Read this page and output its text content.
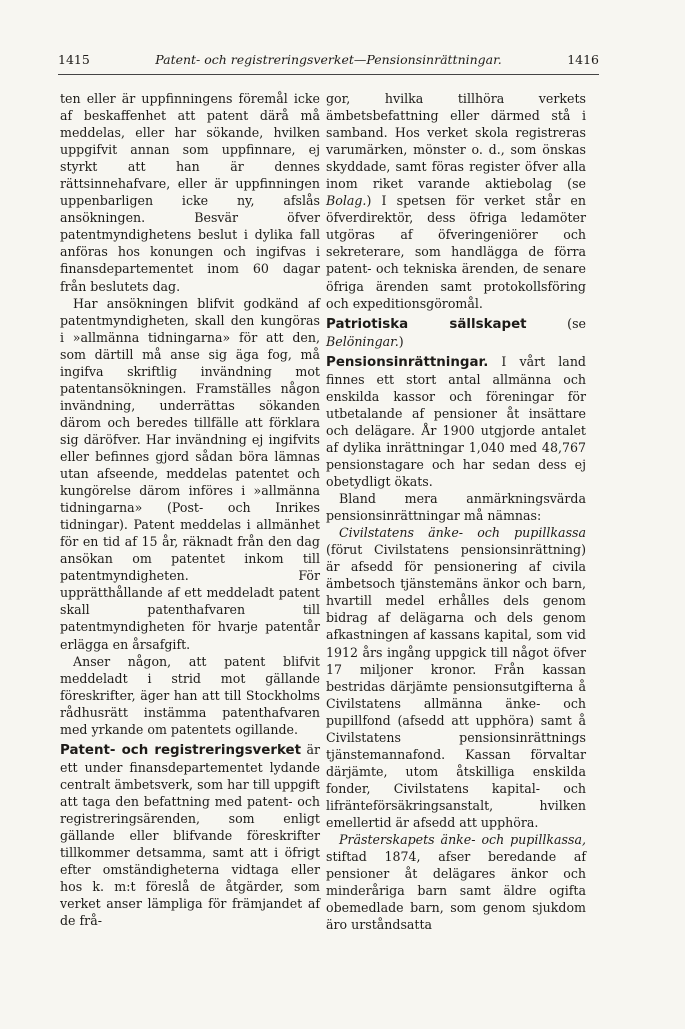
1415	Patent- och registreringsverket—Pensionsinrättningar.	1416

ten eller är uppfinningens föremål icke af beskaffenhet att patent därå må meddelas, eller har sökande, hvilken uppgifvit annan som uppfinnare, ej styrkt att han är dennes rättsinnehafvare, eller är uppfinningen uppenbarligen icke ny, afslås ansökningen. Besvär öfver patentmyndighetens beslut i dylika fall anföras hos konungen och ingifvas i finansdepartementet inom 60 dagar från beslutets dag.

Har ansökningen blifvit godkänd af patentmyndigheten, skall den kungöras i »allmänna tidningarna» för att den, som därtill må anse sig äga fog, må ingifva skriftlig invändning mot patentansökningen. Framställes någon invändning, underrättas sökanden därom och beredes tillfälle att förklara sig däröfver. Har invändning ej ingifvits eller befinnes gjord sådan böra lämnas utan afseende, meddelas patentet och kungörelse därom införes i »allmänna tidningarna» (Post- och Inrikes tidningar). Patent meddelas i allmänhet för en tid af 15 år, räknadt från den dag ansökan om patentet inkom till patentmyndigheten. För upprätthållande af ett meddeladt patent skall patenthafvaren till patentmyndigheten för hvarje patentår erlägga en årsafgift.

Anser någon, att patent blifvit meddeladt i strid mot gällande föreskrifter, äger han att till Stockholms rådhusrätt instämma patenthafvaren med yrkande om patentets ogillande.

Patent- och registreringsverket är ett under finansdepartementet lydande centralt ämbetsverk, som har till uppgift att taga den befattning med patent- och registreringsärenden, som enligt gällande eller blifvande föreskrifter tillkommer detsamma, samt att i öfrigt efter omständigheterna vidtaga eller hos k. m:t föreslå de åtgärder, som verket anser lämpliga för främjandet af de frå-

gor, hvilka tillhöra verkets ämbetsbefattning eller därmed stå i samband. Hos verket skola registreras varumärken, mönster o. d., som önskas skyddade, samt föras register öfver alla inom riket varande aktiebolag (se Bolag.) I spetsen för verket står en öfverdirektör, dess öfriga ledamöter utgöras af öfveringeniörer och sekreterare, som handlägga de förra patent- och tekniska ärenden, de senare öfriga ärenden samt protokollsföring och expeditionsgöromål.

Patriotiska sällskapet (se Belöningar.)

Pensionsinrättningar. I vårt land finnes ett stort antal allmänna och enskilda kassor och föreningar för utbetalande af pensioner åt insättare och delägare. År 1900 utgjorde antalet af dylika inrättningar 1,040 med 48,767 pensionstagare och har sedan dess ej obetydligt ökats.

Bland mera anmärkningsvärda pensionsinrättningar må nämnas:

Civilstatens änke- och pupillkassa (förut Civilstatens pensionsinrättning) är afsedd för pensionering af civila ämbetsoch tjänstemäns änkor och barn, hvartill medel erhålles dels genom bidrag af delägarna och dels genom afkastningen af kassans kapital, som vid 1912 års ingång uppgick till något öfver 17 miljoner kronor. Från kassan bestridas därjämte pensionsutgifterna å Civilstatens allmänna änke- och pupillfond (afsedd att upphöra) samt å Civilstatens pensionsinrättnings tjänstemannafond. Kassan förvaltar därjämte, utom åtskilliga enskilda fonder, Civilstatens kapital- och lifränteförsäkringsanstalt, hvilken emellertid är afsedd att upphöra.

Prästerskapets änke- och pupillkassa, stiftad 1874, afser beredande af pensioner åt delägares änkor och minderåriga barn samt äldre ogifta obemedlade barn, som genom sjukdom äro urståndsatta
